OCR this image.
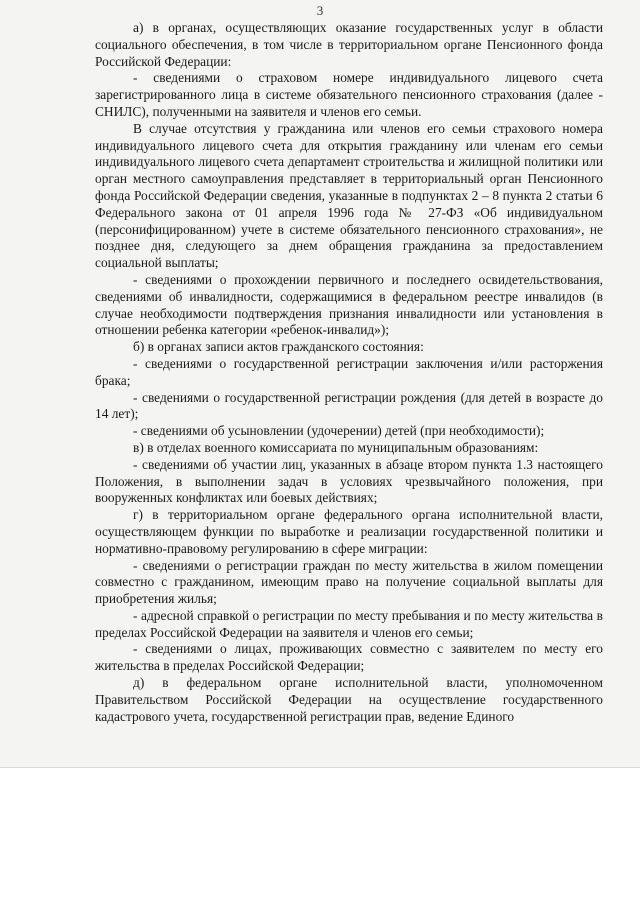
3

а) в органах, осуществляющих оказание государственных услуг в области социального обеспечения, в том числе в территориальном органе Пенсионного фонда Российской Федерации:

- сведениями о страховом номере индивидуального лицевого счета зарегистрированного лица в системе обязательного пенсионного страхования (далее - СНИЛС), полученными на заявителя и членов его семьи.

В случае отсутствия у гражданина или членов его семьи страхового номера индивидуального лицевого счета для открытия гражданину или членам его семьи индивидуального лицевого счета департамент строительства и жилищной политики или орган местного самоуправления представляет в территориальный орган Пенсионного фонда Российской Федерации сведения, указанные в подпунктах 2 – 8 пункта 2 статьи 6 Федерального закона от 01 апреля 1996 года № 27-ФЗ «Об индивидуальном (персонифицированном) учете в системе обязательного пенсионного страхования», не позднее дня, следующего за днем обращения гражданина за предоставлением социальной выплаты;

- сведениями о прохождении первичного и последнего освидетельствования, сведениями об инвалидности, содержащимися в федеральном реестре инвалидов (в случае необходимости подтверждения признания инвалидности или установления в отношении ребенка категории «ребенок-инвалид»);

б) в органах записи актов гражданского состояния:

- сведениями о государственной регистрации заключения и/или расторжения брака;

- сведениями о государственной регистрации рождения (для детей в возрасте до 14 лет);

- сведениями об усыновлении (удочерении) детей (при необходимости);

в) в отделах военного комиссариата по муниципальным образованиям:

- сведениями об участии лиц, указанных в абзаце втором пункта 1.3 настоящего Положения, в выполнении задач в условиях чрезвычайного положения, при вооруженных конфликтах или боевых действиях;

г) в территориальном органе федерального органа исполнительной власти, осуществляющем функции по выработке и реализации государственной политики и нормативно-правовому регулированию в сфере миграции:

- сведениями о регистрации граждан по месту жительства в жилом помещении совместно с гражданином, имеющим право на получение социальной выплаты для приобретения жилья;

- адресной справкой о регистрации по месту пребывания и по месту жительства в пределах Российской Федерации на заявителя и членов его семьи;

- сведениями о лицах, проживающих совместно с заявителем по месту его жительства в пределах Российской Федерации;

д) в федеральном органе исполнительной власти, уполномоченном Правительством Российской Федерации на осуществление государственного кадастрового учета, государственной регистрации прав, ведение Единого
